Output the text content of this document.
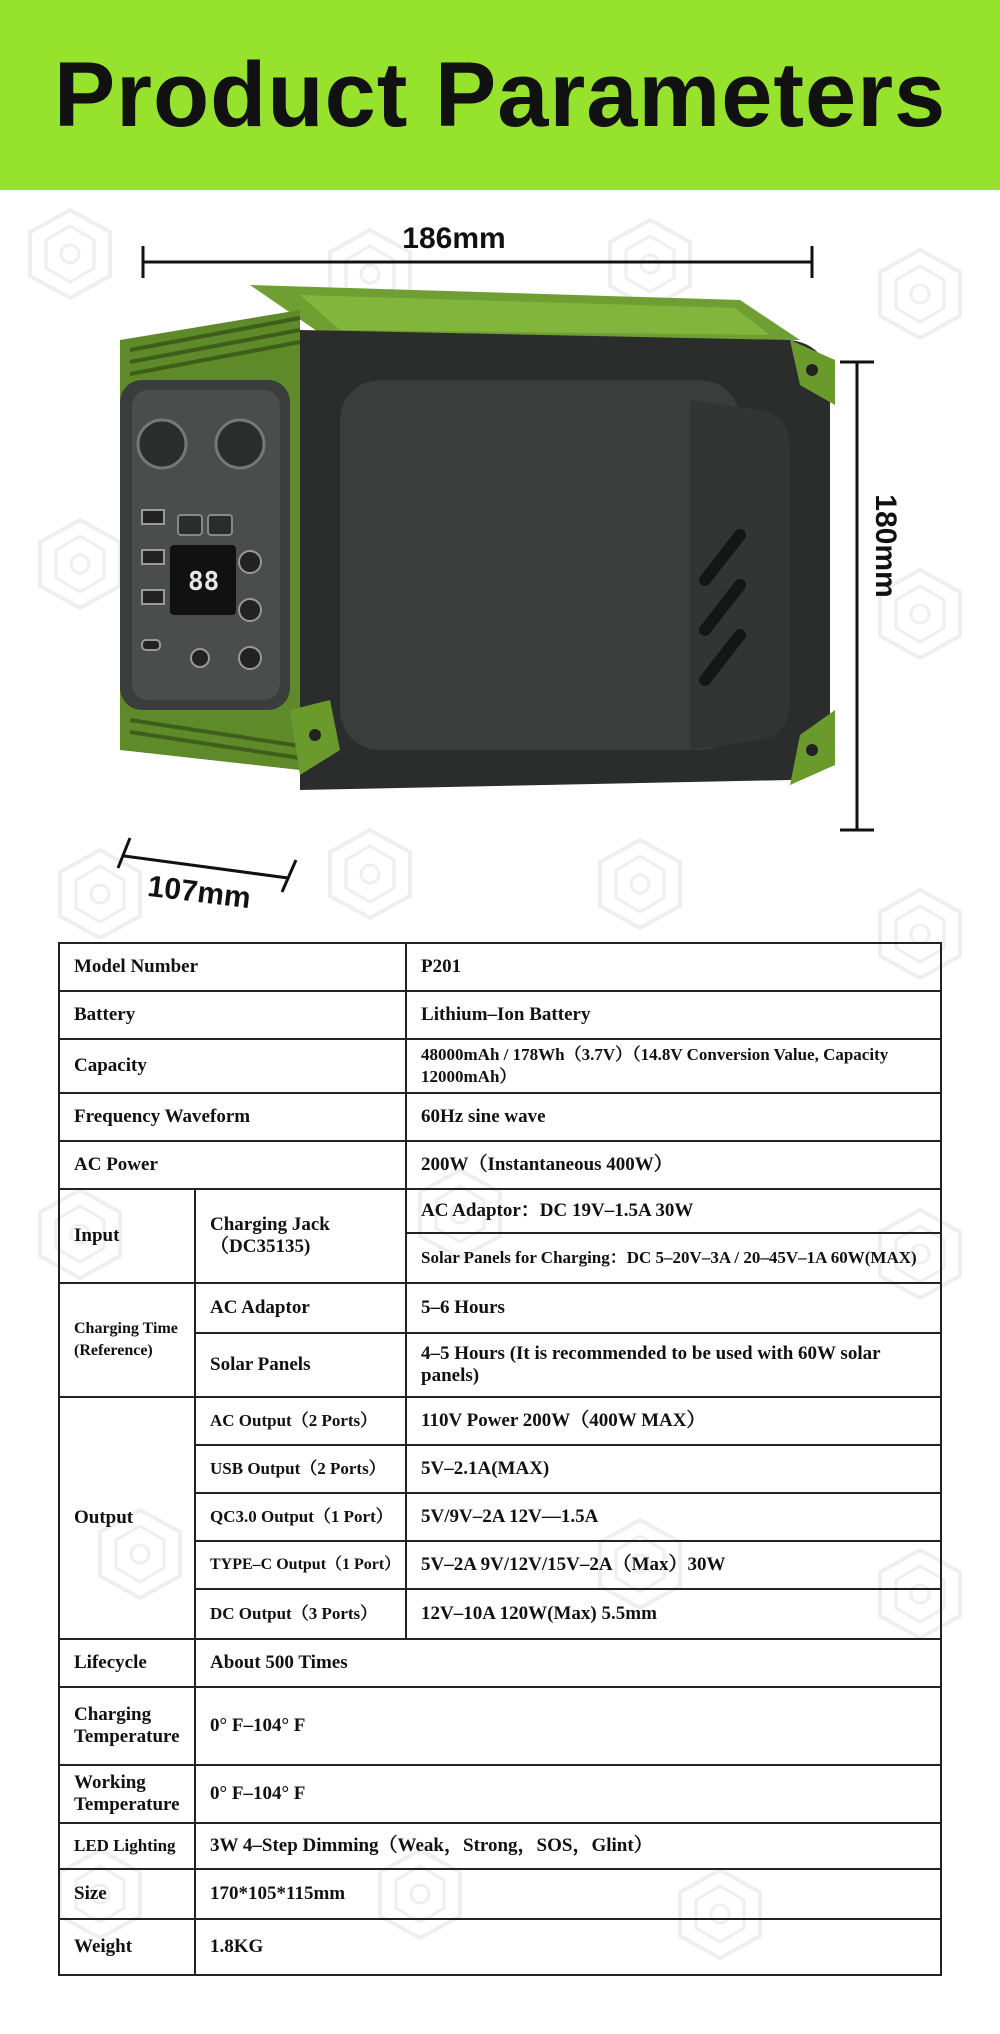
Product Parameters
186mm
180mm
107mm
88
Model Number		P201
Battery		Lithium–Ion Battery
Capacity		48000mAh / 178Wh（3.7V）（14.8V Conversion Value, Capacity 12000mAh）
Frequency Waveform		60Hz sine wave
AC Power		200W（Instantaneous 400W）
Input	Charging Jack（DC35135)	AC Adaptor：DC 19V–1.5A 30W
		Solar Panels for Charging：DC 5–20V–3A / 20–45V–1A 60W(MAX)
Charging Time (Reference)	AC Adaptor	5–6 Hours
	Solar Panels	4–5 Hours (It is recommended to be used with 60W solar panels)
Output	AC Output（2 Ports）	110V Power 200W（400W MAX）
	USB Output（2 Ports）	5V–2.1A(MAX)
	QC3.0 Output（1 Port）	5V/9V–2A 12V––1.5A
	TYPE–C Output（1 Port）	5V–2A 9V/12V/15V–2A（Max）30W
	DC Output（3 Ports）	12V–10A 120W(Max) 5.5mm
Lifecycle	About 500 Times	
Charging Temperature	0° F–104° F	
Working Temperature	0° F–104° F	
LED Lighting	3W 4–Step Dimming（Weak，Strong，SOS，Glint）	
Size	170*105*115mm	
Weight	1.8KG	
